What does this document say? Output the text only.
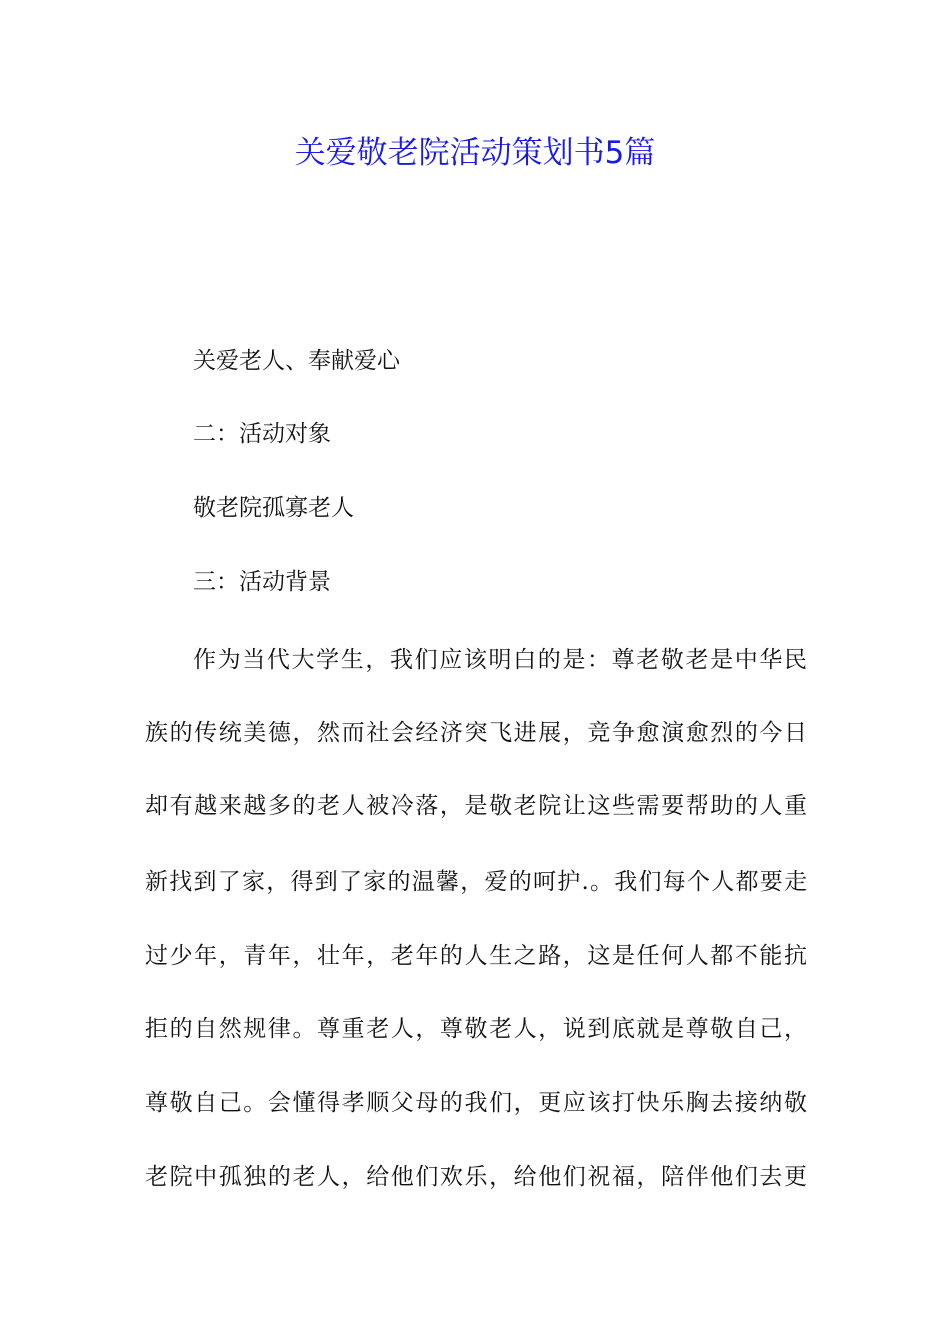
关爱敬老院活动策划书5篇
关爱老人、奉献爱心
二：活动对象
敬老院孤寡老人
三：活动背景
作为当代大学生，我们应该明白的是：尊老敬老是中华民
族的传统美德，然而社会经济突飞进展，竞争愈演愈烈的今日
却有越来越多的老人被冷落，是敬老院让这些需要帮助的人重
新找到了家，得到了家的温馨，爱的呵护.。我们每个人都要走
过少年，青年，壮年，老年的人生之路，这是任何人都不能抗
拒的自然规律。尊重老人，尊敬老人，说到底就是尊敬自己，
尊敬自己。会懂得孝顺父母的我们，更应该打快乐胸去接纳敬
老院中孤独的老人，给他们欢乐，给他们祝福，陪伴他们去更
